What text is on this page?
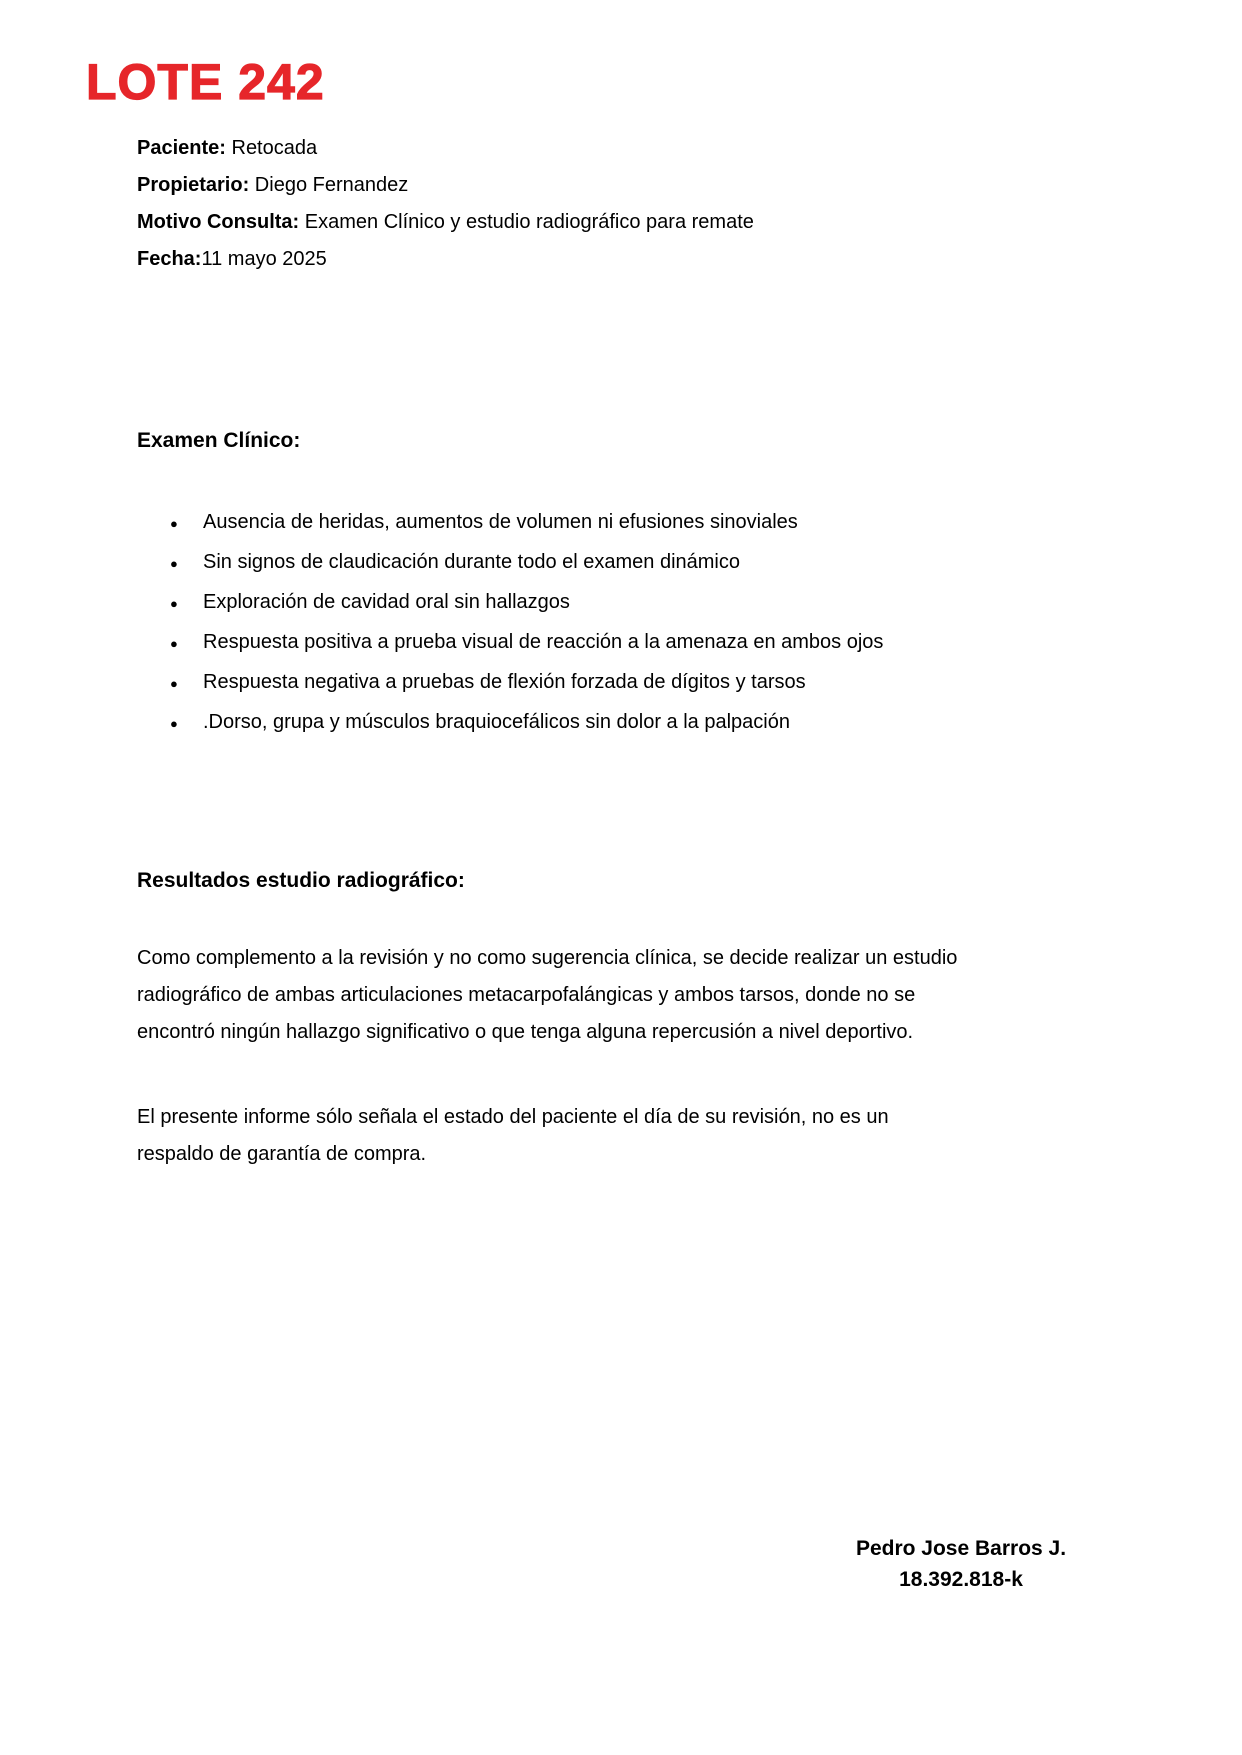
LOTE 242

Paciente: Retocada

Propietario: Diego Fernandez

Motivo Consulta: Examen Clínico y estudio radiográfico para remate

Fecha:11 mayo 2025

Examen Clínico:
●	Ausencia de heridas, aumentos de volumen ni efusiones sinoviales
●	Sin signos de claudicación durante todo el examen dinámico
●	Exploración de cavidad oral sin hallazgos
●	Respuesta positiva a prueba visual de reacción a la amenaza en ambos ojos
●	Respuesta negativa a pruebas de flexión forzada de dígitos y tarsos
●	.Dorso, grupa y músculos braquiocefálicos sin dolor a la palpación
Resultados estudio radiográfico:

Como complemento a la revisión y no como sugerencia clínica, se decide realizar un estudio
radiográfico de ambas articulaciones metacarpofalángicas y ambos tarsos, donde no se
encontró ningún hallazgo significativo o que tenga alguna repercusión a nivel deportivo.

El presente informe sólo señala el estado del paciente el día de su revisión, no es un
respaldo de garantía de compra.

Pedro Jose Barros J.

18.392.818-k
